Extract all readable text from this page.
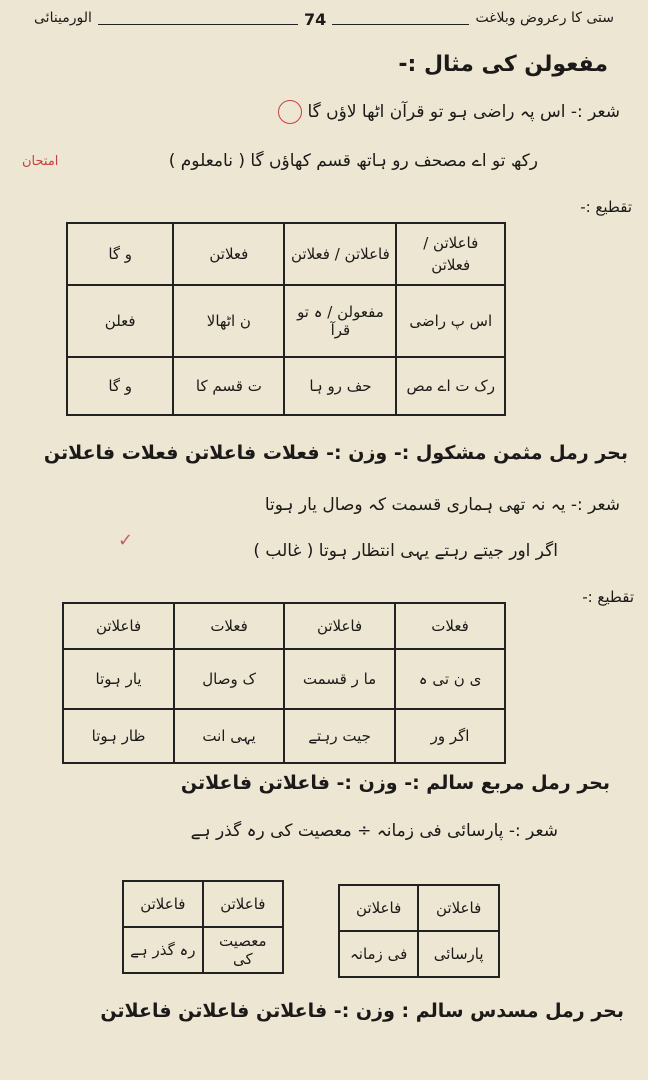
الورمینائی	74	ستی کا رعروض وبلاغت
مفعولن کی مثال :-
شعر :- اس پہ راضی ہو تو قرآن اٹھا لاؤں گا
رکھ تو اے مصحف رو ہاتھ قسم کھاؤں گا ( نامعلوم )
امتحان
تقطیع :-
فاعلاتن / فعلاتن	فاعلاتن / فعلاتن	فعلاتن	و گا
اس پ راضی	مفعولن / ہ تو قرآ	ن اٹھالا	فعلن
رک ت اے مص	حف رو ہا	ت قسم کا	و گا
بحر رمل مثمن مشکول :- وزن :- فعلات فاعلاتن فعلات فاعلاتن
شعر :- یہ نہ تھی ہماری قسمت کہ وصال یار ہوتا
اگر اور جیتے رہتے یہی انتظار ہوتا ( غالب )
✓
تقطیع :-
فعلات	فاعلاتن	فعلات	فاعلاتن
ی ن تی ہ	ما ر قسمت	ک وصال	یار ہوتا
اگر ور	جیت رہتے	یہی انت	ظار ہوتا
بحر رمل مربع سالم :- وزن :- فاعلاتن فاعلاتن
شعر :- پارسائی فی زمانہ ÷ معصیت کی رہ گذر ہے
فاعلاتن	فاعلاتن
پارسائی	فی زمانہ
فاعلاتن	فاعلاتن
معصیت کی	رہ گذر ہے
بحر رمل مسدس سالم : وزن :- فاعلاتن فاعلاتن فاعلاتن
